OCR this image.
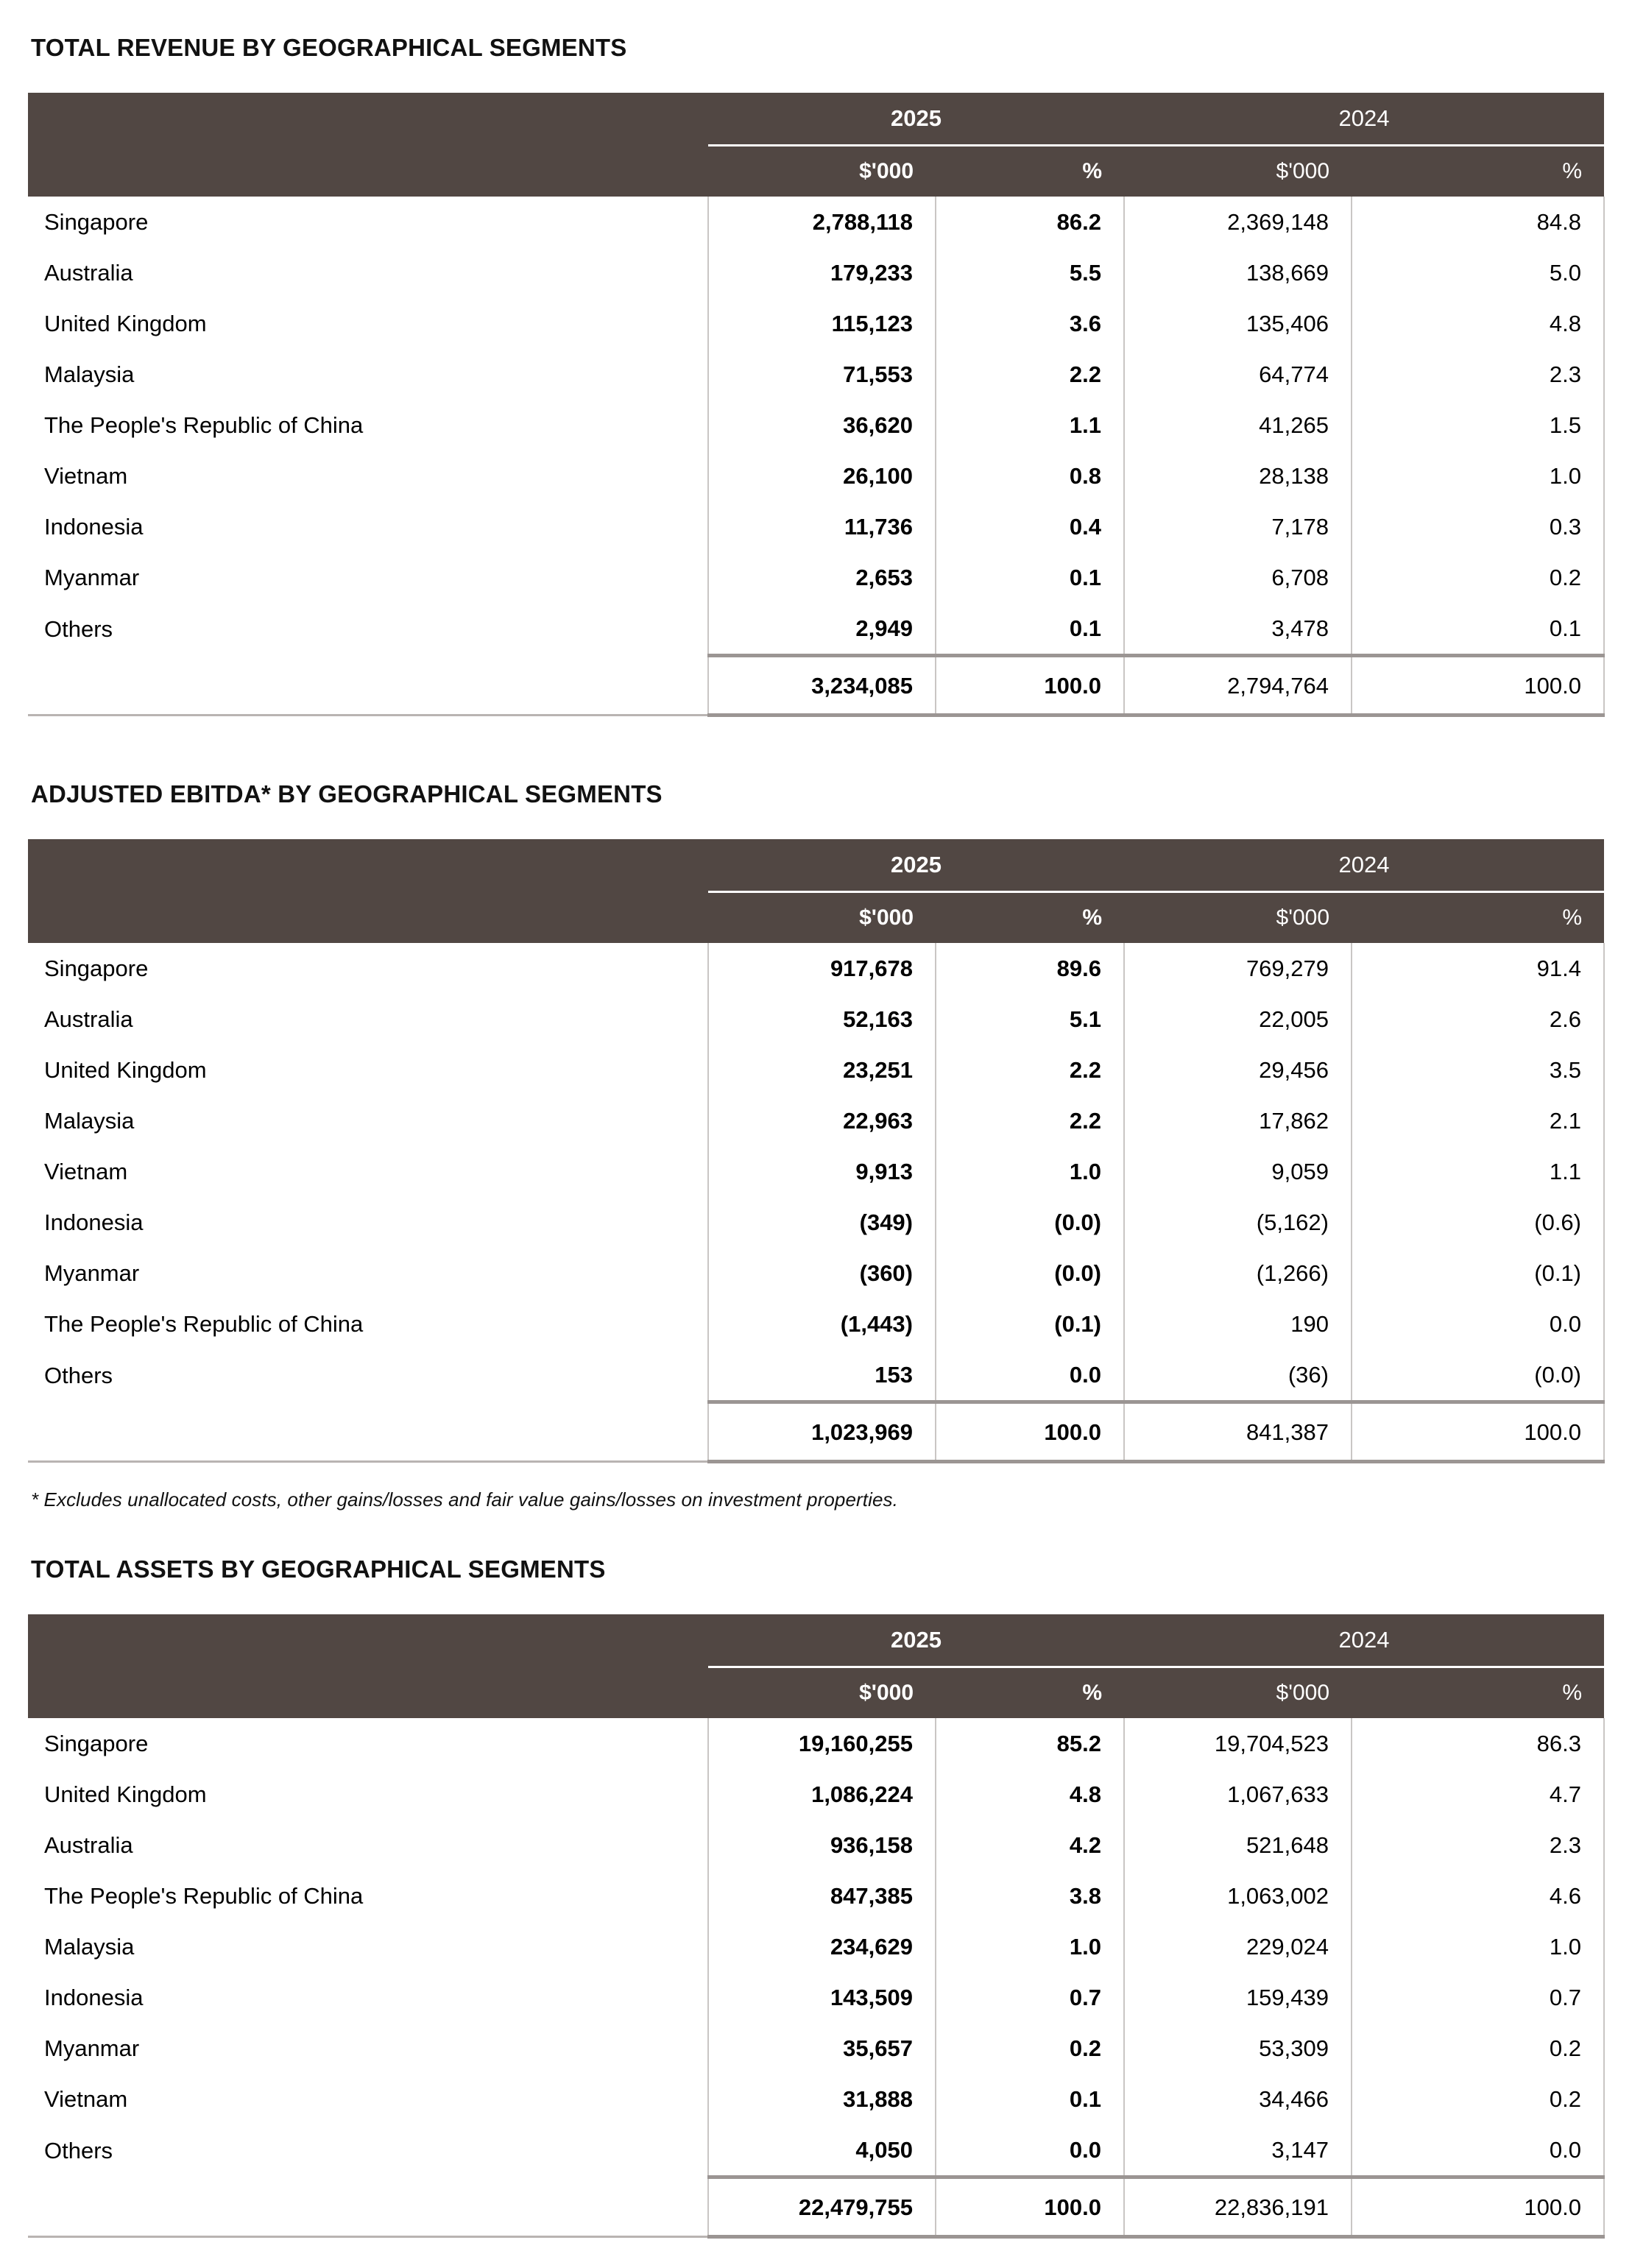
TOTAL REVENUE BY GEOGRAPHICAL SEGMENTS
	2025		2024	

	$'000	%	$'000	%
Singapore	2,788,118	86.2	2,369,148	84.8
Australia	179,233	5.5	138,669	5.0
United Kingdom	115,123	3.6	135,406	4.8
Malaysia	71,553	2.2	64,774	2.3
The People's Republic of China	36,620	1.1	41,265	1.5
Vietnam	26,100	0.8	28,138	1.0
Indonesia	11,736	0.4	7,178	0.3
Myanmar	2,653	0.1	6,708	0.2
Others	2,949	0.1	3,478	0.1
	3,234,085	100.0	2,794,764	100.0

ADJUSTED EBITDA* BY GEOGRAPHICAL SEGMENTS
	2025		2024	

	$'000	%	$'000	%
Singapore	917,678	89.6	769,279	91.4
Australia	52,163	5.1	22,005	2.6
United Kingdom	23,251	2.2	29,456	3.5
Malaysia	22,963	2.2	17,862	2.1
Vietnam	9,913	1.0	9,059	1.1
Indonesia	(349)	(0.0)	(5,162)	(0.6)
Myanmar	(360)	(0.0)	(1,266)	(0.1)
The People's Republic of China	(1,443)	(0.1)	190	0.0
Others	153	0.0	(36)	(0.0)
	1,023,969	100.0	841,387	100.0

* Excludes unallocated costs, other gains/losses and fair value gains/losses on investment properties.
TOTAL ASSETS BY GEOGRAPHICAL SEGMENTS
	2025		2024	

	$'000	%	$'000	%
Singapore	19,160,255	85.2	19,704,523	86.3
United Kingdom	1,086,224	4.8	1,067,633	4.7
Australia	936,158	4.2	521,648	2.3
The People's Republic of China	847,385	3.8	1,063,002	4.6
Malaysia	234,629	1.0	229,024	1.0
Indonesia	143,509	0.7	159,439	0.7
Myanmar	35,657	0.2	53,309	0.2
Vietnam	31,888	0.1	34,466	0.2
Others	4,050	0.0	3,147	0.0
	22,479,755	100.0	22,836,191	100.0
